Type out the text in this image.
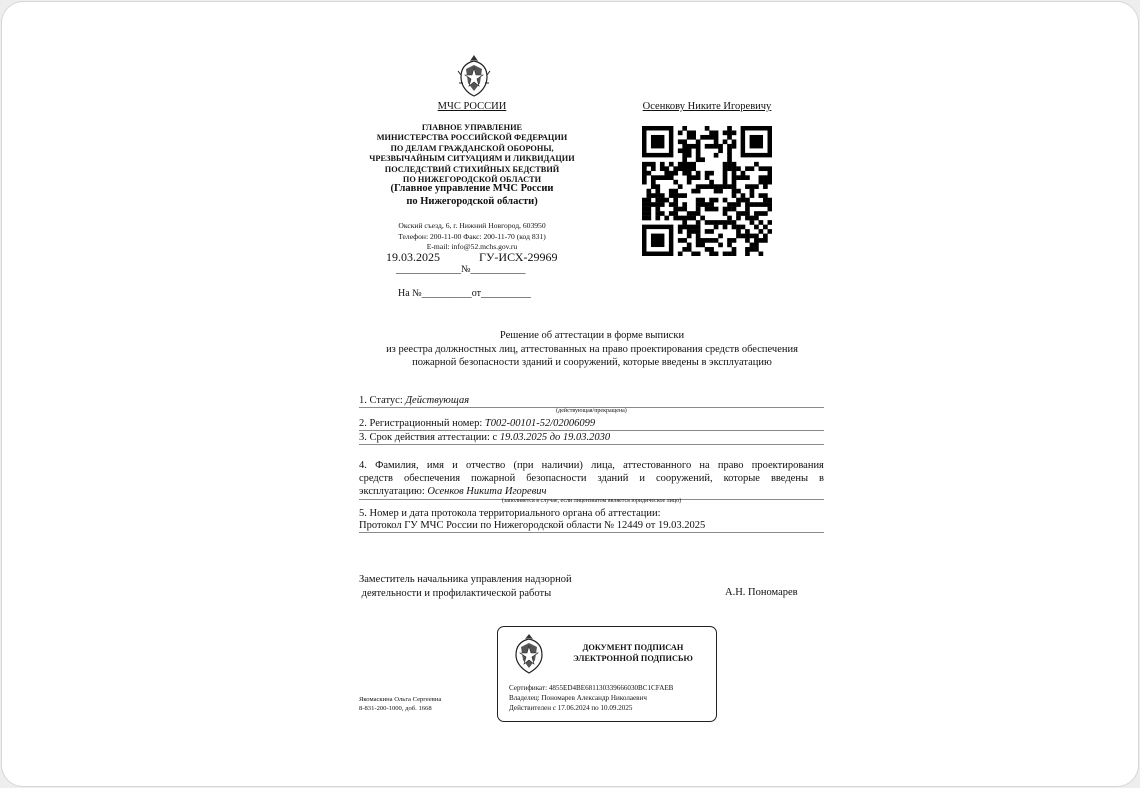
МЧС РОССИИ	Осенкову Никите Игоревичу
ГЛАВНОЕ УПРАВЛЕНИЕ
МИНИСТЕРСТВА РОССИЙСКОЙ ФЕДЕРАЦИИ
ПО ДЕЛАМ ГРАЖДАНСКОЙ ОБОРОНЫ,
ЧРЕЗВЫЧАЙНЫМ СИТУАЦИЯМ И ЛИКВИДАЦИИ
ПОСЛЕДСТВИЙ СТИХИЙНЫХ БЕДСТВИЙ
ПО НИЖЕГОРОДСКОЙ ОБЛАСТИ
(Главное управление МЧС России
по Нижегородской области)
Окский съезд, 6, г. Нижний Новгород, 603950
Телефон: 200-11-00 Факс: 200-11-70 (код 831)
E-mail: info@52.mchs.gov.ru
19.03.2025	ГУ-ИСХ-29969
_____________№___________
На №__________от__________
Решение об аттестации в форме выписки
из реестра должностных лиц, аттестованных на право проектирования средств обеспечения
пожарной безопасности зданий и сооружений, которые введены в эксплуатацию
1. Статус: Действующая
(действующая/прекращена)
2. Регистрационный номер: Т002-00101-52/02006099
3. Срок действия аттестации: с 19.03.2025 до 19.03.2030
4. Фамилия, имя и отчество (при наличии) лица, аттестованного на право проектирования
средств обеспечения пожарной безопасности зданий и сооружений, которые введены в
эксплуатацию: Осенков Никита Игоревич
(заполняется в случае, если лицензиатом является юридическое лицо)
5. Номер и дата протокола территориального органа об аттестации:
Протокол ГУ МЧС России по Нижегородской области № 12449 от 19.03.2025
Заместитель начальника управления надзорной
деятельности и профилактической работы	А.Н. Пономарев
ДОКУМЕНТ ПОДПИСАН
ЭЛЕКТРОННОЙ ПОДПИСЬЮ
Сертификат: 4855ED4BE681130339666030BC1CFAEB
Владелец: Пономарев Александр Николаевич
Действителен с 17.06.2024 по 10.09.2025
Якомаскина Ольга Сергеевна
8-831-200-1000, доб. 1668
